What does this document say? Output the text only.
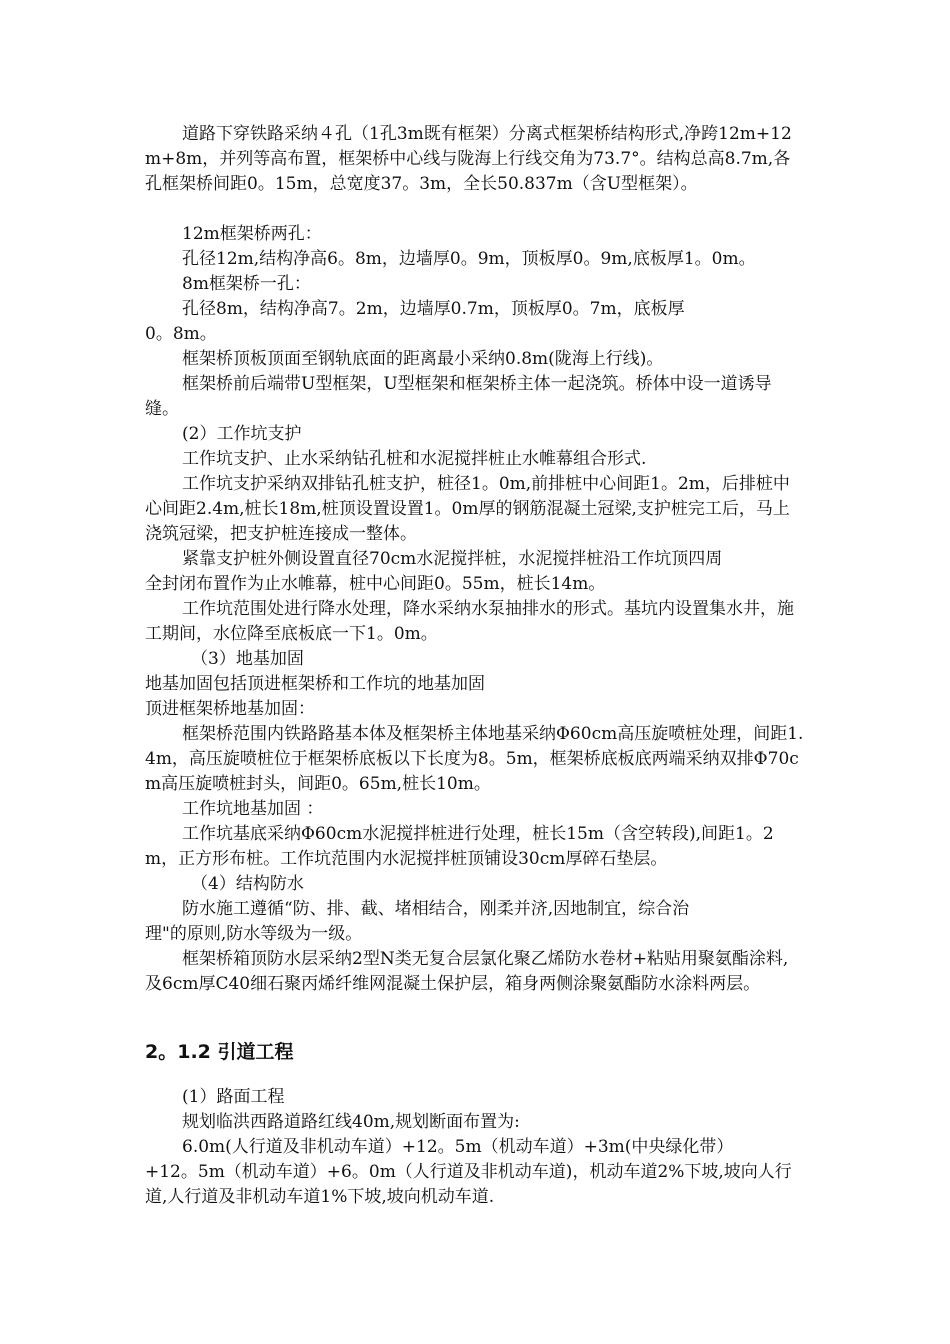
道路下穿铁路采纳４孔（1孔3m既有框架）分离式框架桥结构形式,净跨12m+12m+8m，并列等高布置，框架桥中心线与陇海上行线交角为73.7°。结构总高8.7m,各孔框架桥间距0。15m，总宽度37。3m，全长50.837m（含U型框架）。

12m框架桥两孔：

孔径12m,结构净高6。8m，边墙厚0。9m，顶板厚0。9m,底板厚1。0m。

8m框架桥一孔：

孔径8m，结构净高7。2m，边墙厚0.7m，顶板厚0。7m，底板厚

0。8m。

框架桥顶板顶面至钢轨底面的距离最小采纳0.8m(陇海上行线)。

框架桥前后端带U型框架，U型框架和框架桥主体一起浇筑。桥体中设一道诱导缝。

(2）工作坑支护

工作坑支护、止水采纳钻孔桩和水泥搅拌桩止水帷幕组合形式.

工作坑支护采纳双排钻孔桩支护，桩径1。0m,前排桩中心间距1。2m，后排桩中心间距2.4m,桩长18m,桩顶设置设置1。0m厚的钢筋混凝土冠梁,支护桩完工后，马上浇筑冠梁，把支护桩连接成一整体。

紧靠支护桩外侧设置直径70cm水泥搅拌桩，水泥搅拌桩沿工作坑顶四周

全封闭布置作为止水帷幕，桩中心间距0。55m，桩长14m。

工作坑范围处进行降水处理，降水采纳水泵抽排水的形式。基坑内设置集水井，施工期间，水位降至底板底一下1。0m。

（3）地基加固

地基加固包括顶进框架桥和工作坑的地基加固

顶进框架桥地基加固：

框架桥范围内铁路路基本体及框架桥主体地基采纳Φ60cm高压旋喷桩处理，间距1.4m，高压旋喷桩位于框架桥底板以下长度为8。5m，框架桥底板底两端采纳双排Φ70cm高压旋喷桩封头，间距0。65m,桩长10m。

工作坑地基加固 ：

工作坑基底采纳Φ60cm水泥搅拌桩进行处理，桩长15m（含空转段),间距1。2m，正方形布桩。工作坑范围内水泥搅拌桩顶铺设30cm厚碎石垫层。

（4）结构防水

防水施工遵循“防、排、截、堵相结合，刚柔并济,因地制宜，综合治

理"的原则,防水等级为一级。

框架桥箱顶防水层采纳2型N类无复合层氯化聚乙烯防水卷材+粘贴用聚氨酯涂料,及6cm厚C40细石聚丙烯纤维网混凝土保护层，箱身两侧涂聚氨酯防水涂料两层。

2。1.2 引道工程

(1）路面工程

规划临洪西路道路红线40m,规划断面布置为:

6.0m(人行道及非机动车道）+12。5m（机动车道）+3m(中央绿化带）

+12。5m（机动车道）+6。0m（人行道及非机动车道)，机动车道2%下坡,坡向人行道,人行道及非机动车道1%下坡,坡向机动车道.
